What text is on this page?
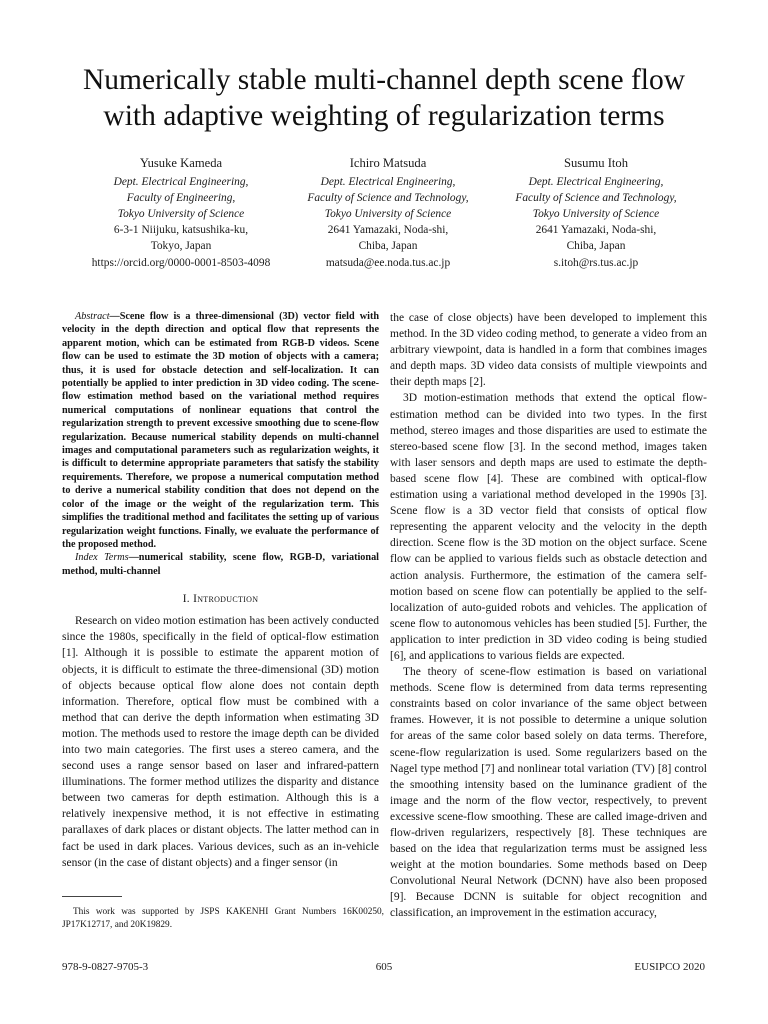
Numerically stable multi-channel depth scene flow
with adaptive weighting of regularization terms
Yusuke Kameda
Dept. Electrical Engineering,
Faculty of Engineering,
Tokyo University of Science
6-3-1 Niijuku, katsushika-ku,
Tokyo, Japan
https://orcid.org/0000-0001-8503-4098
Ichiro Matsuda
Dept. Electrical Engineering,
Faculty of Science and Technology,
Tokyo University of Science
2641 Yamazaki, Noda-shi,
Chiba, Japan
matsuda@ee.noda.tus.ac.jp
Susumu Itoh
Dept. Electrical Engineering,
Faculty of Science and Technology,
Tokyo University of Science
2641 Yamazaki, Noda-shi,
Chiba, Japan
s.itoh@rs.tus.ac.jp

Abstract—Scene flow is a three-dimensional (3D) vector field with velocity in the depth direction and optical flow that represents the apparent motion, which can be estimated from RGB-D videos. Scene flow can be used to estimate the 3D motion of objects with a camera; thus, it is used for obstacle detection and self-localization. It can potentially be applied to inter prediction in 3D video coding. The scene-flow estimation method based on the variational method requires numerical computations of nonlinear equations that control the regularization strength to prevent excessive smoothing due to scene-flow regularization. Because numerical stability depends on multi-channel images and computational parameters such as regularization weights, it is difficult to determine appropriate parameters that satisfy the stability requirements. Therefore, we propose a numerical computation method to derive a numerical stability condition that does not depend on the color of the image or the weight of the regularization term. This simplifies the traditional method and facilitates the setting up of various regularization weight functions. Finally, we evaluate the performance of the proposed method.

Index Terms—numerical stability, scene flow, RGB-D, variational method, multi-channel

I. Introduction

Research on video motion estimation has been actively conducted since the 1980s, specifically in the field of optical-flow estimation [1]. Although it is possible to estimate the apparent motion of objects, it is difficult to estimate the three-dimensional (3D) motion of objects because optical flow alone does not contain depth information. Therefore, optical flow must be combined with a method that can derive the depth information when estimating 3D motion. The methods used to restore the image depth can be divided into two main categories. The first uses a stereo camera, and the second uses a range sensor based on laser and infrared-pattern illuminations. The former method utilizes the disparity and distance between two cameras for depth estimation. Although this is a relatively inexpensive method, it is not effective in estimating parallaxes of dark places or distant objects. The latter method can in fact be used in dark places. Various devices, such as an in-vehicle sensor (in the case of distant objects) and a finger sensor (in

This work was supported by JSPS KAKENHI Grant Numbers 16K00250, JP17K12717, and 20K19829.

the case of close objects) have been developed to implement this method. In the 3D video coding method, to generate a video from an arbitrary viewpoint, data is handled in a form that combines images and depth maps. 3D video data consists of multiple viewpoints and their depth maps [2].

3D motion-estimation methods that extend the optical flow-estimation method can be divided into two types. In the first method, stereo images and those disparities are used to estimate the stereo-based scene flow [3]. In the second method, images taken with laser sensors and depth maps are used to estimate the depth-based scene flow [4]. These are combined with optical-flow estimation using a variational method developed in the 1990s [3]. Scene flow is a 3D vector field that consists of optical flow representing the apparent velocity and the velocity in the depth direction. Scene flow is the 3D motion on the object surface. Scene flow can be applied to various fields such as obstacle detection and action analysis. Furthermore, the estimation of the camera self-motion based on scene flow can potentially be applied to the self-localization of auto-guided robots and vehicles. The application of scene flow to autonomous vehicles has been studied [5]. Further, the application to inter prediction in 3D video coding is being studied [6], and applications to various fields are expected.

The theory of scene-flow estimation is based on variational methods. Scene flow is determined from data terms representing constraints based on color invariance of the same object between frames. However, it is not possible to determine a unique solution for areas of the same color based solely on data terms. Therefore, scene-flow regularization is used. Some regularizers based on the Nagel type method [7] and nonlinear total variation (TV) [8] control the smoothing intensity based on the luminance gradient of the image and the norm of the flow vector, respectively, to prevent excessive scene-flow smoothing. These are called image-driven and flow-driven regularizers, respectively [8]. These techniques are based on the idea that regularization terms must be assigned less weight at the motion boundaries. Some methods based on Deep Convolutional Neural Network (DCNN) have also been proposed [9]. Because DCNN is suitable for object recognition and classification, an improvement in the estimation accuracy,

978-9-0827-9705-3	605	EUSIPCO 2020
